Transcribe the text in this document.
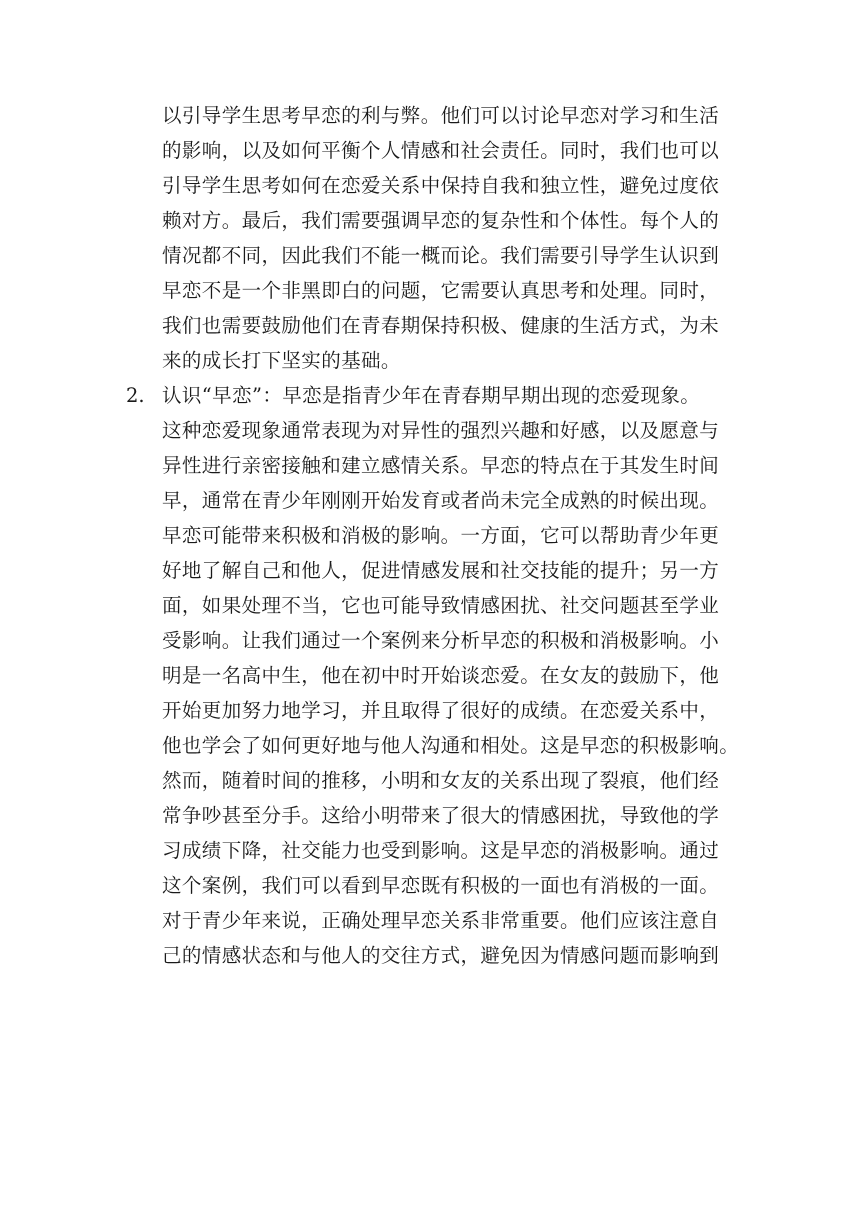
以引导学生思考早恋的利与弊。他们可以讨论早恋对学习和生活
的影响，以及如何平衡个人情感和社会责任。同时，我们也可以
引导学生思考如何在恋爱关系中保持自我和独立性，避免过度依
赖对方。最后，我们需要强调早恋的复杂性和个体性。每个人的
情况都不同，因此我们不能一概而论。我们需要引导学生认识到
早恋不是一个非黑即白的问题，它需要认真思考和处理。同时，
我们也需要鼓励他们在青春期保持积极、健康的生活方式，为未
来的成长打下坚实的基础。
2. 认识“早恋”：早恋是指青少年在青春期早期出现的恋爱现象。
这种恋爱现象通常表现为对异性的强烈兴趣和好感，以及愿意与
异性进行亲密接触和建立感情关系。早恋的特点在于其发生时间
早，通常在青少年刚刚开始发育或者尚未完全成熟的时候出现。
早恋可能带来积极和消极的影响。一方面，它可以帮助青少年更
好地了解自己和他人，促进情感发展和社交技能的提升；另一方
面，如果处理不当，它也可能导致情感困扰、社交问题甚至学业
受影响。让我们通过一个案例来分析早恋的积极和消极影响。小
明是一名高中生，他在初中时开始谈恋爱。在女友的鼓励下，他
开始更加努力地学习，并且取得了很好的成绩。在恋爱关系中，
他也学会了如何更好地与他人沟通和相处。这是早恋的积极影响。
然而，随着时间的推移，小明和女友的关系出现了裂痕，他们经
常争吵甚至分手。这给小明带来了很大的情感困扰，导致他的学
习成绩下降，社交能力也受到影响。这是早恋的消极影响。通过
这个案例，我们可以看到早恋既有积极的一面也有消极的一面。
对于青少年来说，正确处理早恋关系非常重要。他们应该注意自
己的情感状态和与他人的交往方式，避免因为情感问题而影响到
